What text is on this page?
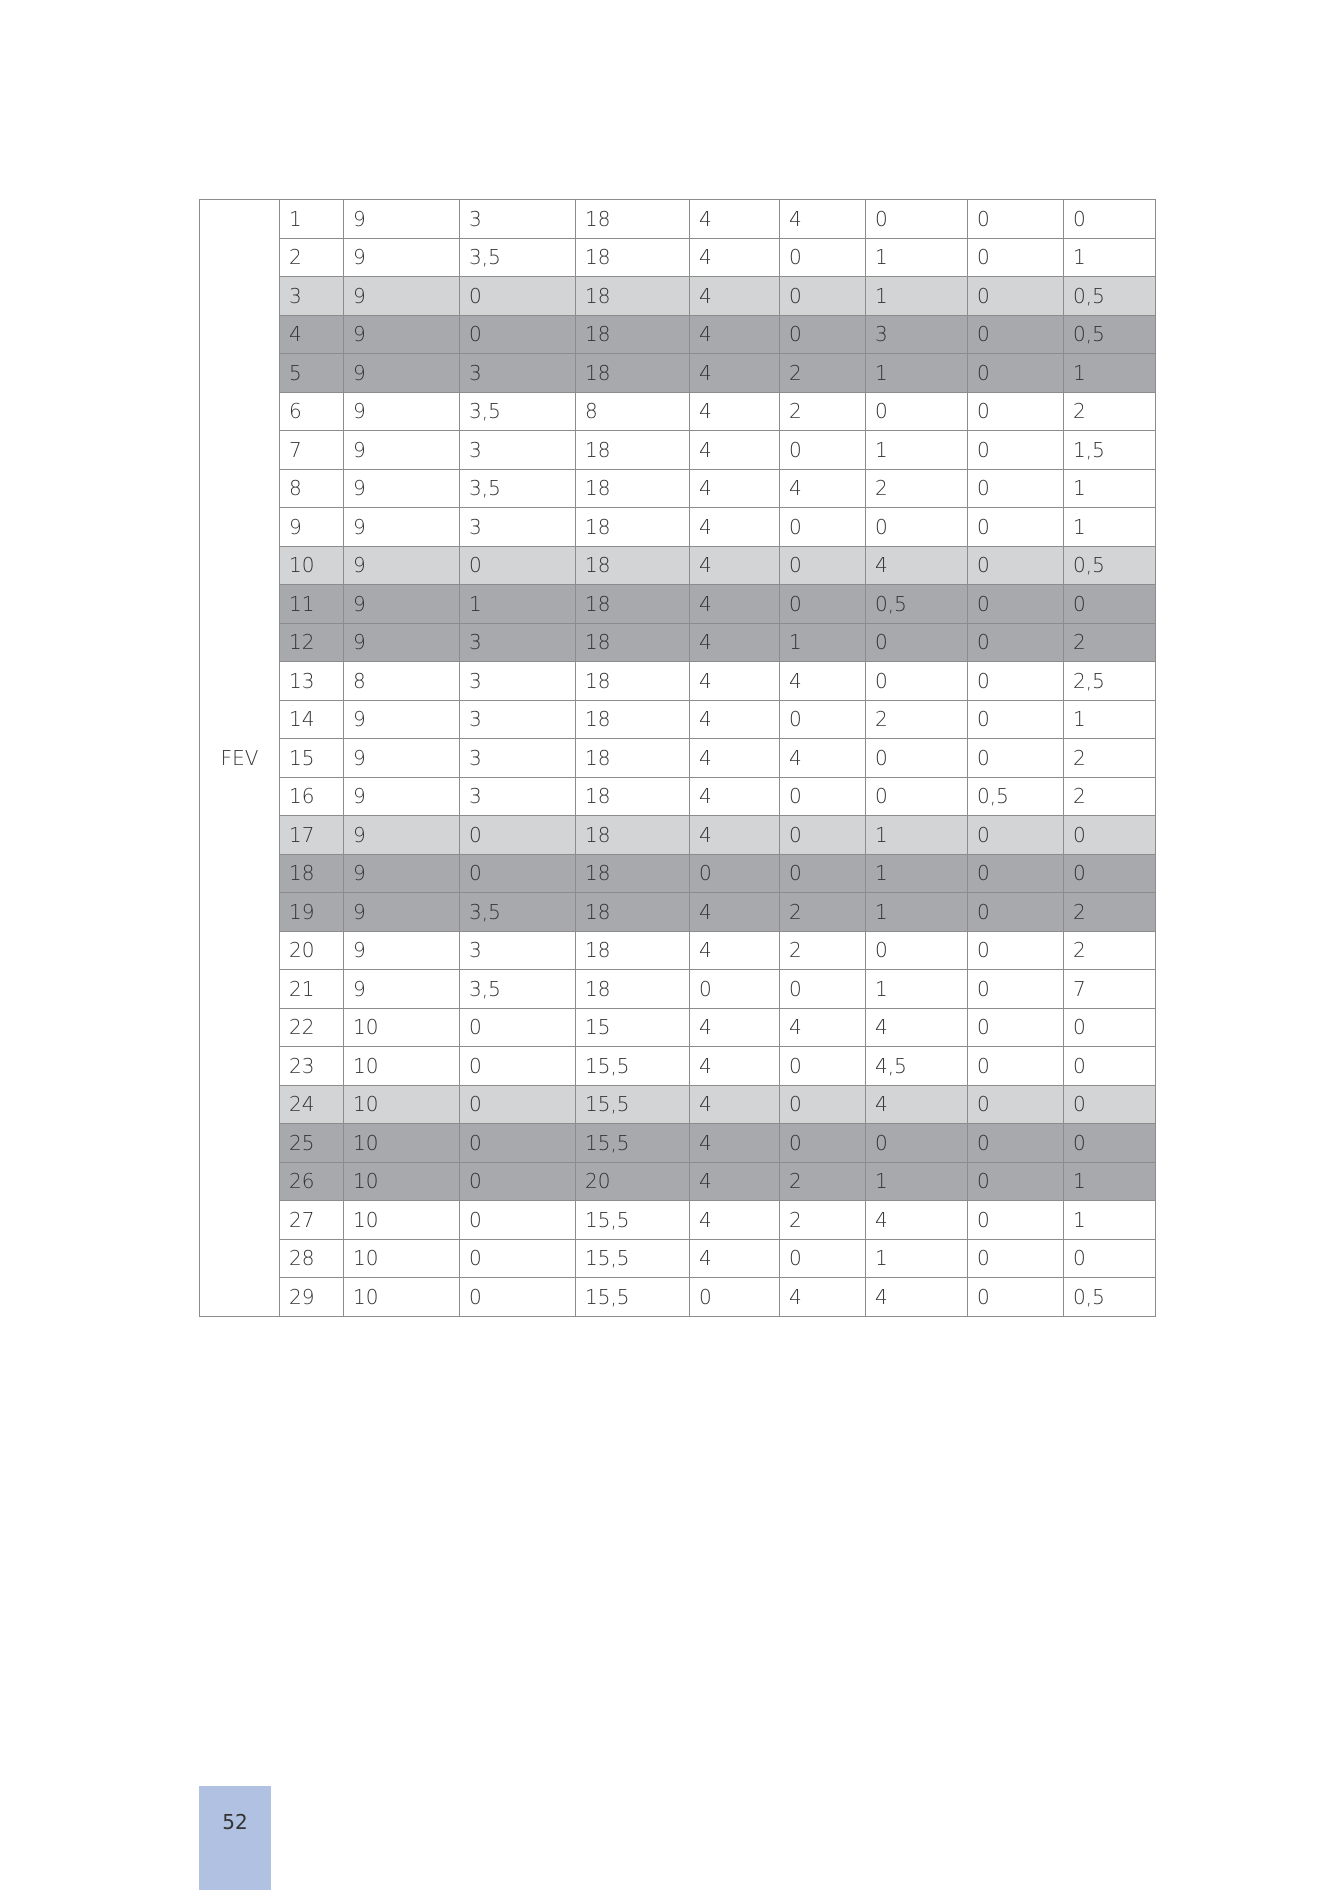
FEV	1	9	3	18	4	4	0	0	0
	2	9	3,5	18	4	0	1	0	1
	3	9	0	18	4	0	1	0	0,5
	4	9	0	18	4	0	3	0	0,5
	5	9	3	18	4	2	1	0	1
	6	9	3,5	8	4	2	0	0	2
	7	9	3	18	4	0	1	0	1,5
	8	9	3,5	18	4	4	2	0	1
	9	9	3	18	4	0	0	0	1
	10	9	0	18	4	0	4	0	0,5
	11	9	1	18	4	0	0,5	0	0
	12	9	3	18	4	1	0	0	2
	13	8	3	18	4	4	0	0	2,5
	14	9	3	18	4	0	2	0	1
	15	9	3	18	4	4	0	0	2
	16	9	3	18	4	0	0	0,5	2
	17	9	0	18	4	0	1	0	0
	18	9	0	18	0	0	1	0	0
	19	9	3,5	18	4	2	1	0	2
	20	9	3	18	4	2	0	0	2
	21	9	3,5	18	0	0	1	0	7
	22	10	0	15	4	4	4	0	0
	23	10	0	15,5	4	0	4,5	0	0
	24	10	0	15,5	4	0	4	0	0
	25	10	0	15,5	4	0	0	0	0
	26	10	0	20	4	2	1	0	1
	27	10	0	15,5	4	2	4	0	1
	28	10	0	15,5	4	0	1	0	0
	29	10	0	15,5	0	4	4	0	0,5
52
